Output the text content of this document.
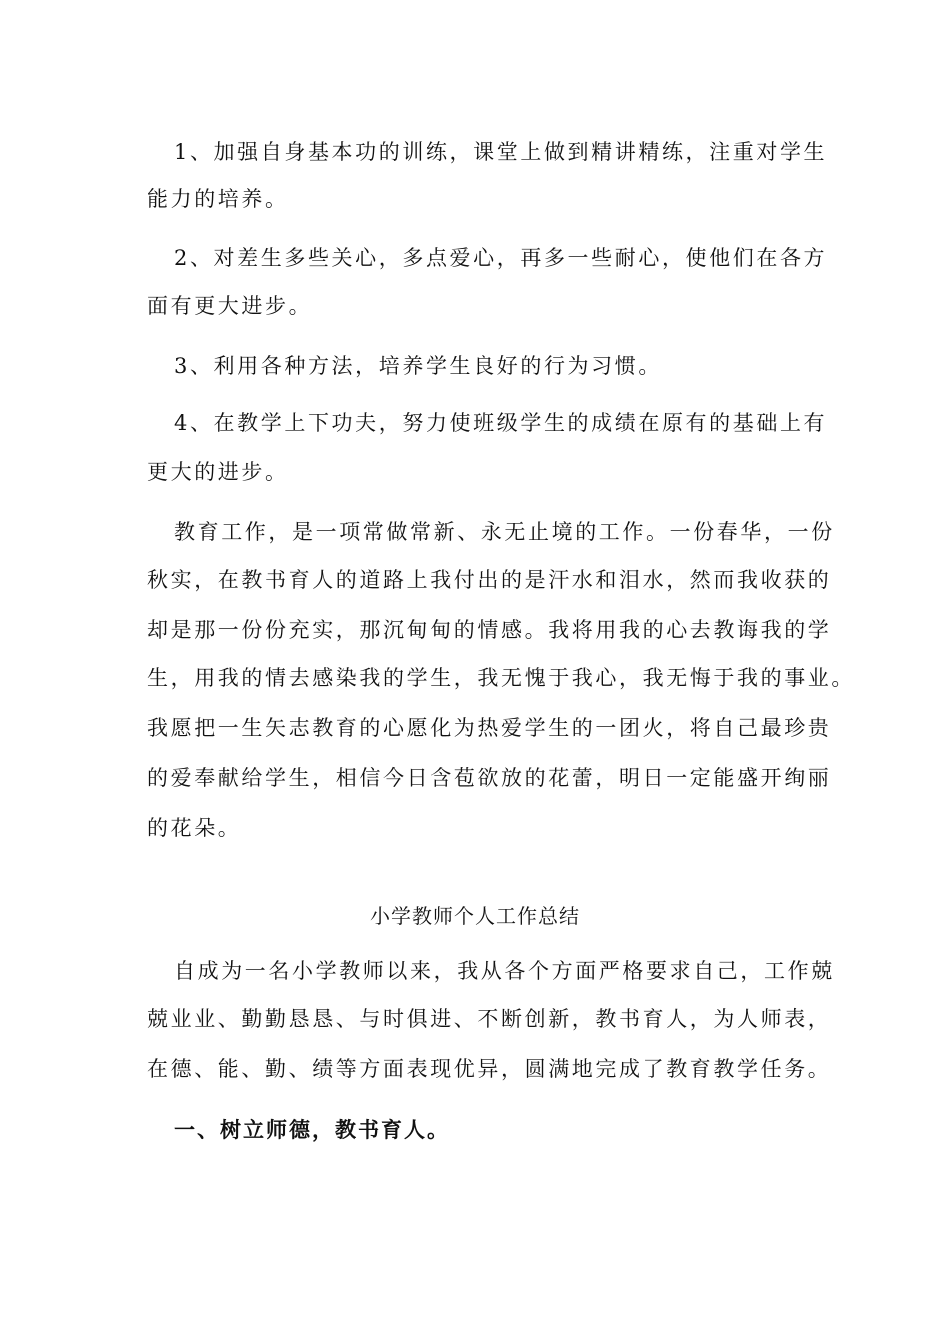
1、加强自身基本功的训练，课堂上做到精讲精练，注重对学生
能力的培养。
2、对差生多些关心，多点爱心，再多一些耐心，使他们在各方
面有更大进步。
3、利用各种方法，培养学生良好的行为习惯。
4、在教学上下功夫，努力使班级学生的成绩在原有的基础上有
更大的进步。
教育工作，是一项常做常新、永无止境的工作。一份春华，一份
秋实，在教书育人的道路上我付出的是汗水和泪水，然而我收获的
却是那一份份充实，那沉甸甸的情感。我将用我的心去教诲我的学
生，用我的情去感染我的学生，我无愧于我心，我无悔于我的事业。
我愿把一生矢志教育的心愿化为热爱学生的一团火，将自己最珍贵
的爱奉献给学生，相信今日含苞欲放的花蕾，明日一定能盛开绚丽
的花朵。
小学教师个人工作总结
自成为一名小学教师以来，我从各个方面严格要求自己，工作兢
兢业业、勤勤恳恳、与时俱进、不断创新，教书育人，为人师表，
在德、能、勤、绩等方面表现优异，圆满地完成了教育教学任务。
一、树立师德，教书育人。
